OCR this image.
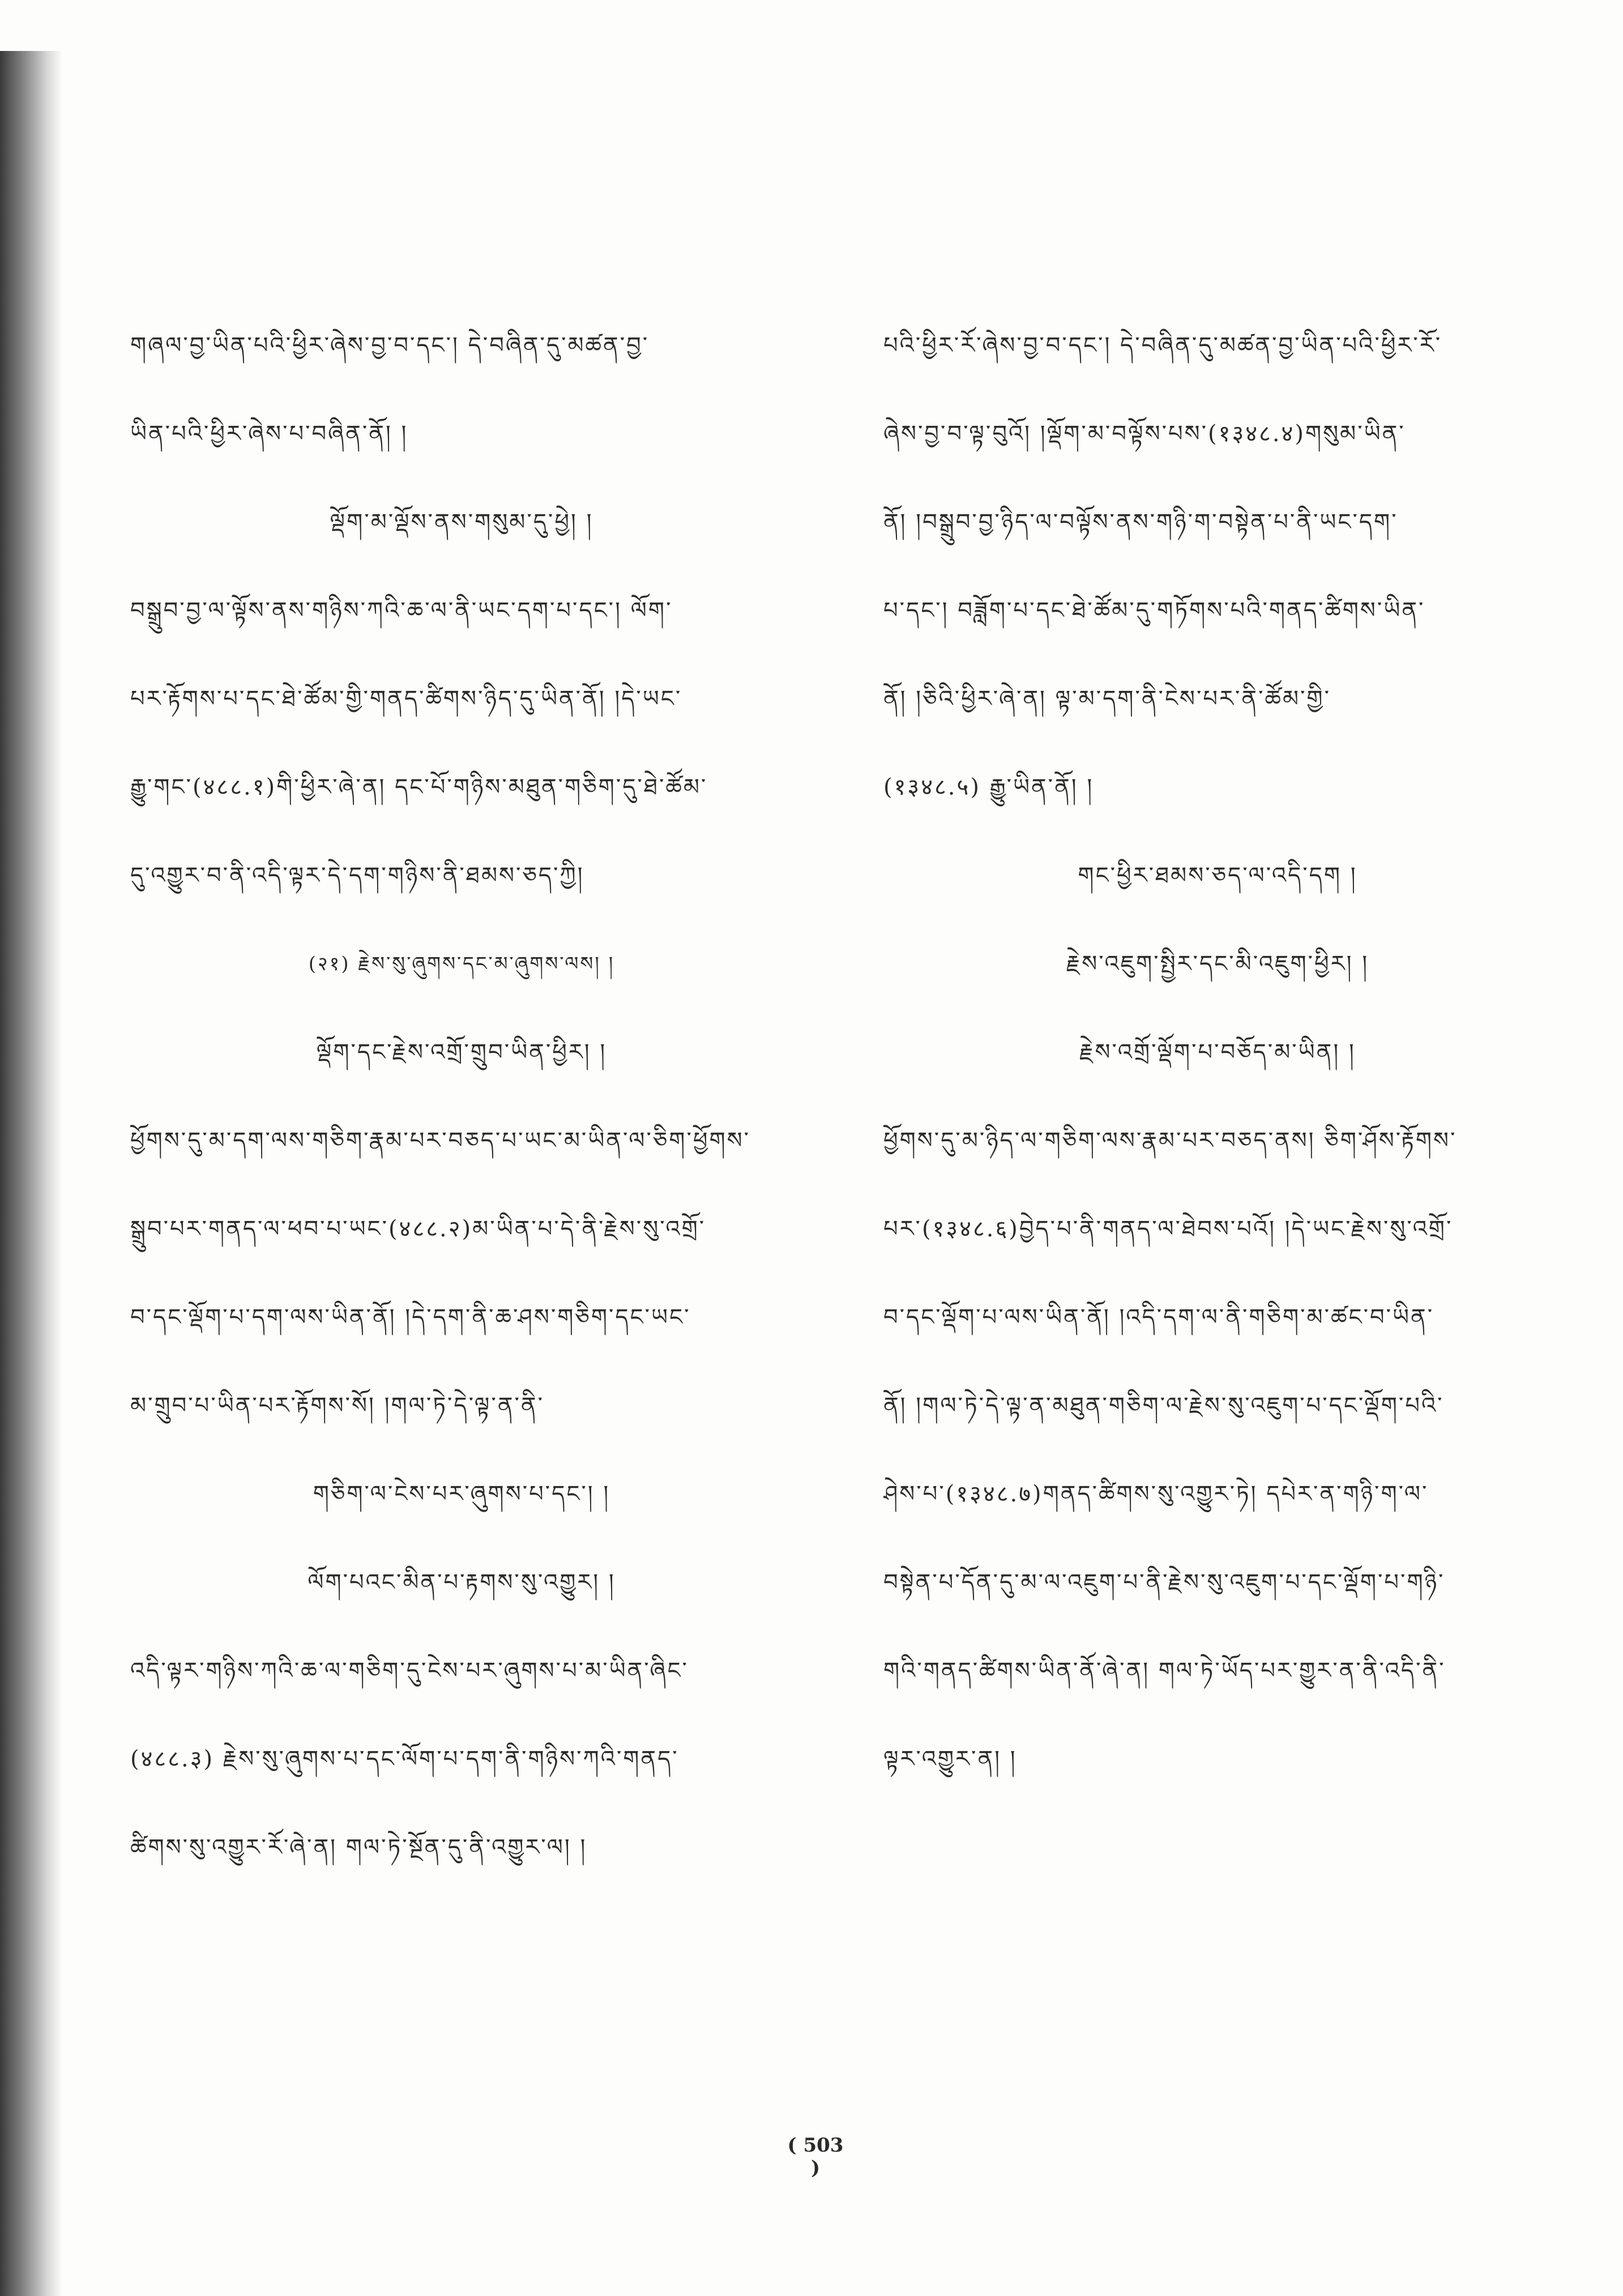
གཞལ་བྱ་ཡིན་པའི་ཕྱིར་ཞེས་བྱ་བ་དང་། དེ་བཞིན་དུ་མཚན་བྱ་
ཡིན་པའི་ཕྱིར་ཞེས་པ་བཞིན་ནོ། །
ལྡོག་མ་ལྡོས་ནས་གསུམ་དུ་ཕྱེ། །
བསྒྲུབ་བྱ་ལ་ལྟོས་ནས་གཉིས་ཀའི་ཆ་ལ་ནི་ཡང་དག་པ་དང་། ལོག་
པར་རྟོགས་པ་དང་ཐེ་ཚོམ་གྱི་གནད་ཚིགས་ཉིད་དུ་ཡིན་ནོ། །དེ་ཡང་
རྒྱུ་གང་(४८८.१)གི་ཕྱིར་ཞེ་ན། དང་པོ་གཉིས་མཐུན་གཅིག་དུ་ཐེ་ཚོམ་
དུ་འགྱུར་བ་ནི་འདི་ལྟར་དེ་དག་གཉིས་ནི་ཐམས་ཅད་ཀྱི།
(२१) རྗེས་སུ་ཞུགས་དང་མ་ཞུགས་ལས། །
ལྡོག་དང་རྗེས་འགྲོ་གྲུབ་ཡིན་ཕྱིར། །
ཕྱོགས་དུ་མ་དག་ལས་གཅིག་རྣམ་པར་བཅད་པ་ཡང་མ་ཡིན་ལ་ཅིག་ཕྱོགས་
སྒྲུབ་པར་གནད་ལ་ཕབ་པ་ཡང་(४८८.२)མ་ཡིན་པ་དེ་ནི་རྗེས་སུ་འགྲོ་
བ་དང་ལྡོག་པ་དག་ལས་ཡིན་ནོ། །དེ་དག་ནི་ཆ་ཤས་གཅིག་དང་ཡང་
མ་གྲུབ་པ་ཡིན་པར་རྟོགས་སོ། །གལ་ཏེ་དེ་ལྟ་ན་ནི་
གཅིག་ལ་ངེས་པར་ཞུགས་པ་དང་། །
ལོག་པའང་མིན་པ་རྟགས་སུ་འགྱུར། །
འདི་ལྟར་གཉིས་ཀའི་ཆ་ལ་གཅིག་དུ་ངེས་པར་ཞུགས་པ་མ་ཡིན་ཞིང་
(४८८.३) རྗེས་སུ་ཞུགས་པ་དང་ལོག་པ་དག་ནི་གཉིས་ཀའི་གནད་
ཚིགས་སུ་འགྱུར་རོ་ཞེ་ན། གལ་ཏེ་སྔོན་དུ་ནི་འགྱུར་ལ། །
པའི་ཕྱིར་རོ་ཞེས་བྱ་བ་དང་། དེ་བཞིན་དུ་མཚན་བྱ་ཡིན་པའི་ཕྱིར་རོ་
ཞེས་བྱ་བ་ལྟ་བུའོ། །ལྡོག་མ་བལྟོས་པས་(१३४८.४)གསུམ་ཡིན་
ནོ། །བསྒྲུབ་བྱ་ཉིད་ལ་བལྟོས་ནས་གཉི་ག་བསྟེན་པ་ནི་ཡང་དག་
པ་དང་། བཟློག་པ་དང་ཐེ་ཚོམ་དུ་གཏོགས་པའི་གནད་ཚིགས་ཡིན་
ནོ། །ཅིའི་ཕྱིར་ཞེ་ན། ལྟ་མ་དག་ནི་ངེས་པར་ནི་ཚོམ་གྱི་
(१३४८.५) རྒྱུ་ཡིན་ནོ། །
གང་ཕྱིར་ཐམས་ཅད་ལ་འདི་དག །
རྗེས་འཇུག་སྤྱིར་དང་མི་འཇུག་ཕྱིར། །
རྗེས་འགྲོ་ལྡོག་པ་བཅོད་མ་ཡིན། །
ཕྱོགས་དུ་མ་ཉིད་ལ་གཅིག་ལས་རྣམ་པར་བཅད་ནས། ཅིག་ཤོས་རྟོགས་
པར་(१३४८.६)བྱེད་པ་ནི་གནད་ལ་ཐེབས་པའོ། །དེ་ཡང་རྗེས་སུ་འགྲོ་
བ་དང་ལྡོག་པ་ལས་ཡིན་ནོ། །འདི་དག་ལ་ནི་གཅིག་མ་ཚང་བ་ཡིན་
ནོ། །གལ་ཏེ་དེ་ལྟ་ན་མཐུན་གཅིག་ལ་རྗེས་སུ་འཇུག་པ་དང་ལྡོག་པའི་
ཤེས་པ་(१३४८.७)གནད་ཚིགས་སུ་འགྱུར་ཏེ། དཔེར་ན་གཉི་ག་ལ་
བསྟེན་པ་དོན་དུ་མ་ལ་འཇུག་པ་ནི་རྗེས་སུ་འཇུག་པ་དང་ལྡོག་པ་གཉི་
གའི་གནད་ཚིགས་ཡིན་ནོ་ཞེ་ན། གལ་ཏེ་ཡོད་པར་གྱུར་ན་ནི་འདི་ནི་
ལྟར་འགྱུར་ན། །
( 503 )
